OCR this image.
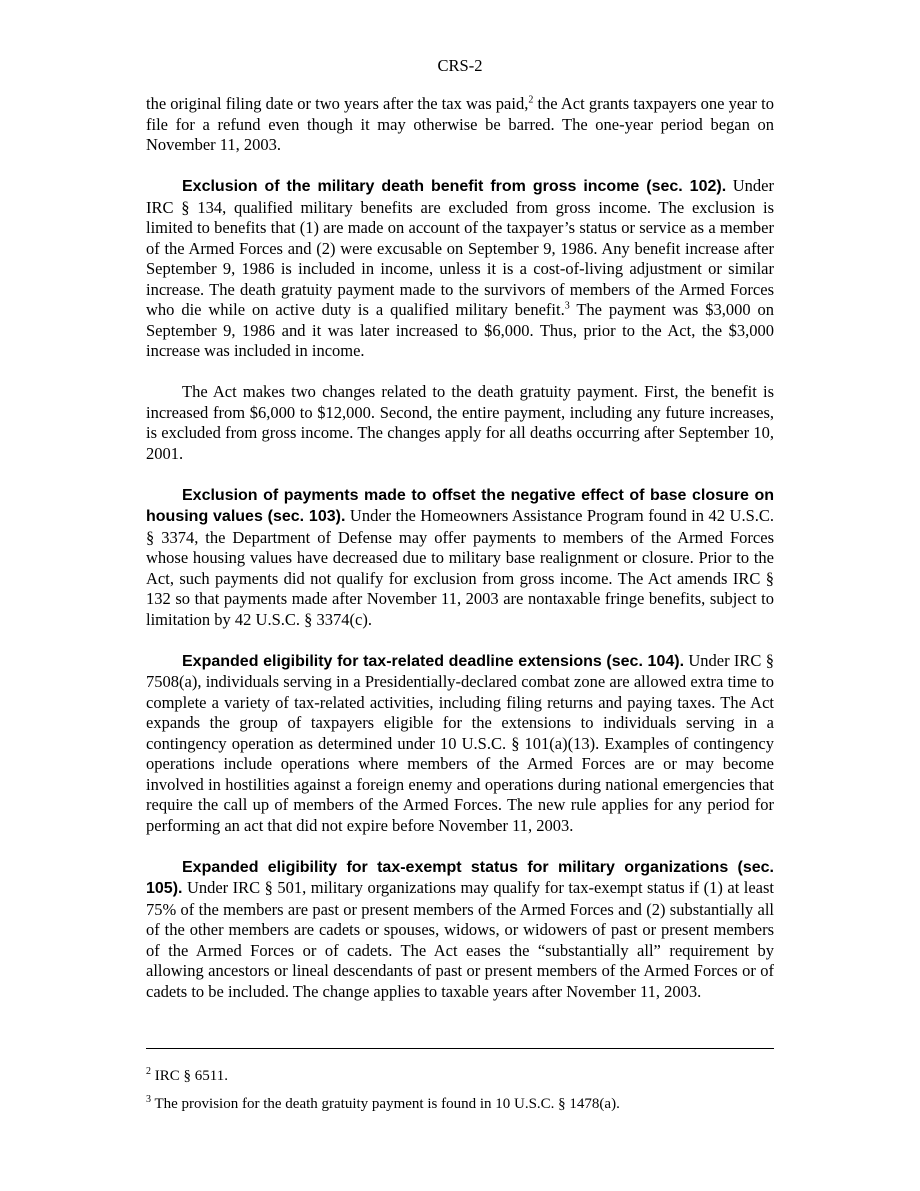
CRS-2

the original filing date or two years after the tax was paid,$^2$ the Act grants taxpayers one year to file for a refund even though it may otherwise be barred. The one-year period began on November 11, 2003.

Exclusion of the military death benefit from gross income (sec. 102). Under IRC § 134, qualified military benefits are excluded from gross income. The exclusion is limited to benefits that (1) are made on account of the taxpayer’s status or service as a member of the Armed Forces and (2) were excusable on September 9, 1986. Any benefit increase after September 9, 1986 is included in income, unless it is a cost-of-living adjustment or similar increase. The death gratuity payment made to the survivors of members of the Armed Forces who die while on active duty is a qualified military benefit.$^3$ The payment was $3,000 on September 9, 1986 and it was later increased to $6,000. Thus, prior to the Act, the $3,000 increase was included in income.

The Act makes two changes related to the death gratuity payment. First, the benefit is increased from $6,000 to $12,000. Second, the entire payment, including any future increases, is excluded from gross income. The changes apply for all deaths occurring after September 10, 2001.

Exclusion of payments made to offset the negative effect of base closure on housing values (sec. 103). Under the Homeowners Assistance Program found in 42 U.S.C. § 3374, the Department of Defense may offer payments to members of the Armed Forces whose housing values have decreased due to military base realignment or closure. Prior to the Act, such payments did not qualify for exclusion from gross income. The Act amends IRC § 132 so that payments made after November 11, 2003 are nontaxable fringe benefits, subject to limitation by 42 U.S.C. § 3374(c).

Expanded eligibility for tax-related deadline extensions (sec. 104). Under IRC § 7508(a), individuals serving in a Presidentially-declared combat zone are allowed extra time to complete a variety of tax-related activities, including filing returns and paying taxes. The Act expands the group of taxpayers eligible for the extensions to individuals serving in a contingency operation as determined under 10 U.S.C. § 101(a)(13). Examples of contingency operations include operations where members of the Armed Forces are or may become involved in hostilities against a foreign enemy and operations during national emergencies that require the call up of members of the Armed Forces. The new rule applies for any period for performing an act that did not expire before November 11, 2003.

Expanded eligibility for tax-exempt status for military organizations (sec. 105). Under IRC § 501, military organizations may qualify for tax-exempt status if (1) at least 75% of the members are past or present members of the Armed Forces and (2) substantially all of the other members are cadets or spouses, widows, or widowers of past or present members of the Armed Forces or of cadets. The Act eases the “substantially all” requirement by allowing ancestors or lineal descendants of past or present members of the Armed Forces or of cadets to be included. The change applies to taxable years after November 11, 2003.

$^2$ IRC § 6511.

$^3$ The provision for the death gratuity payment is found in 10 U.S.C. § 1478(a).
